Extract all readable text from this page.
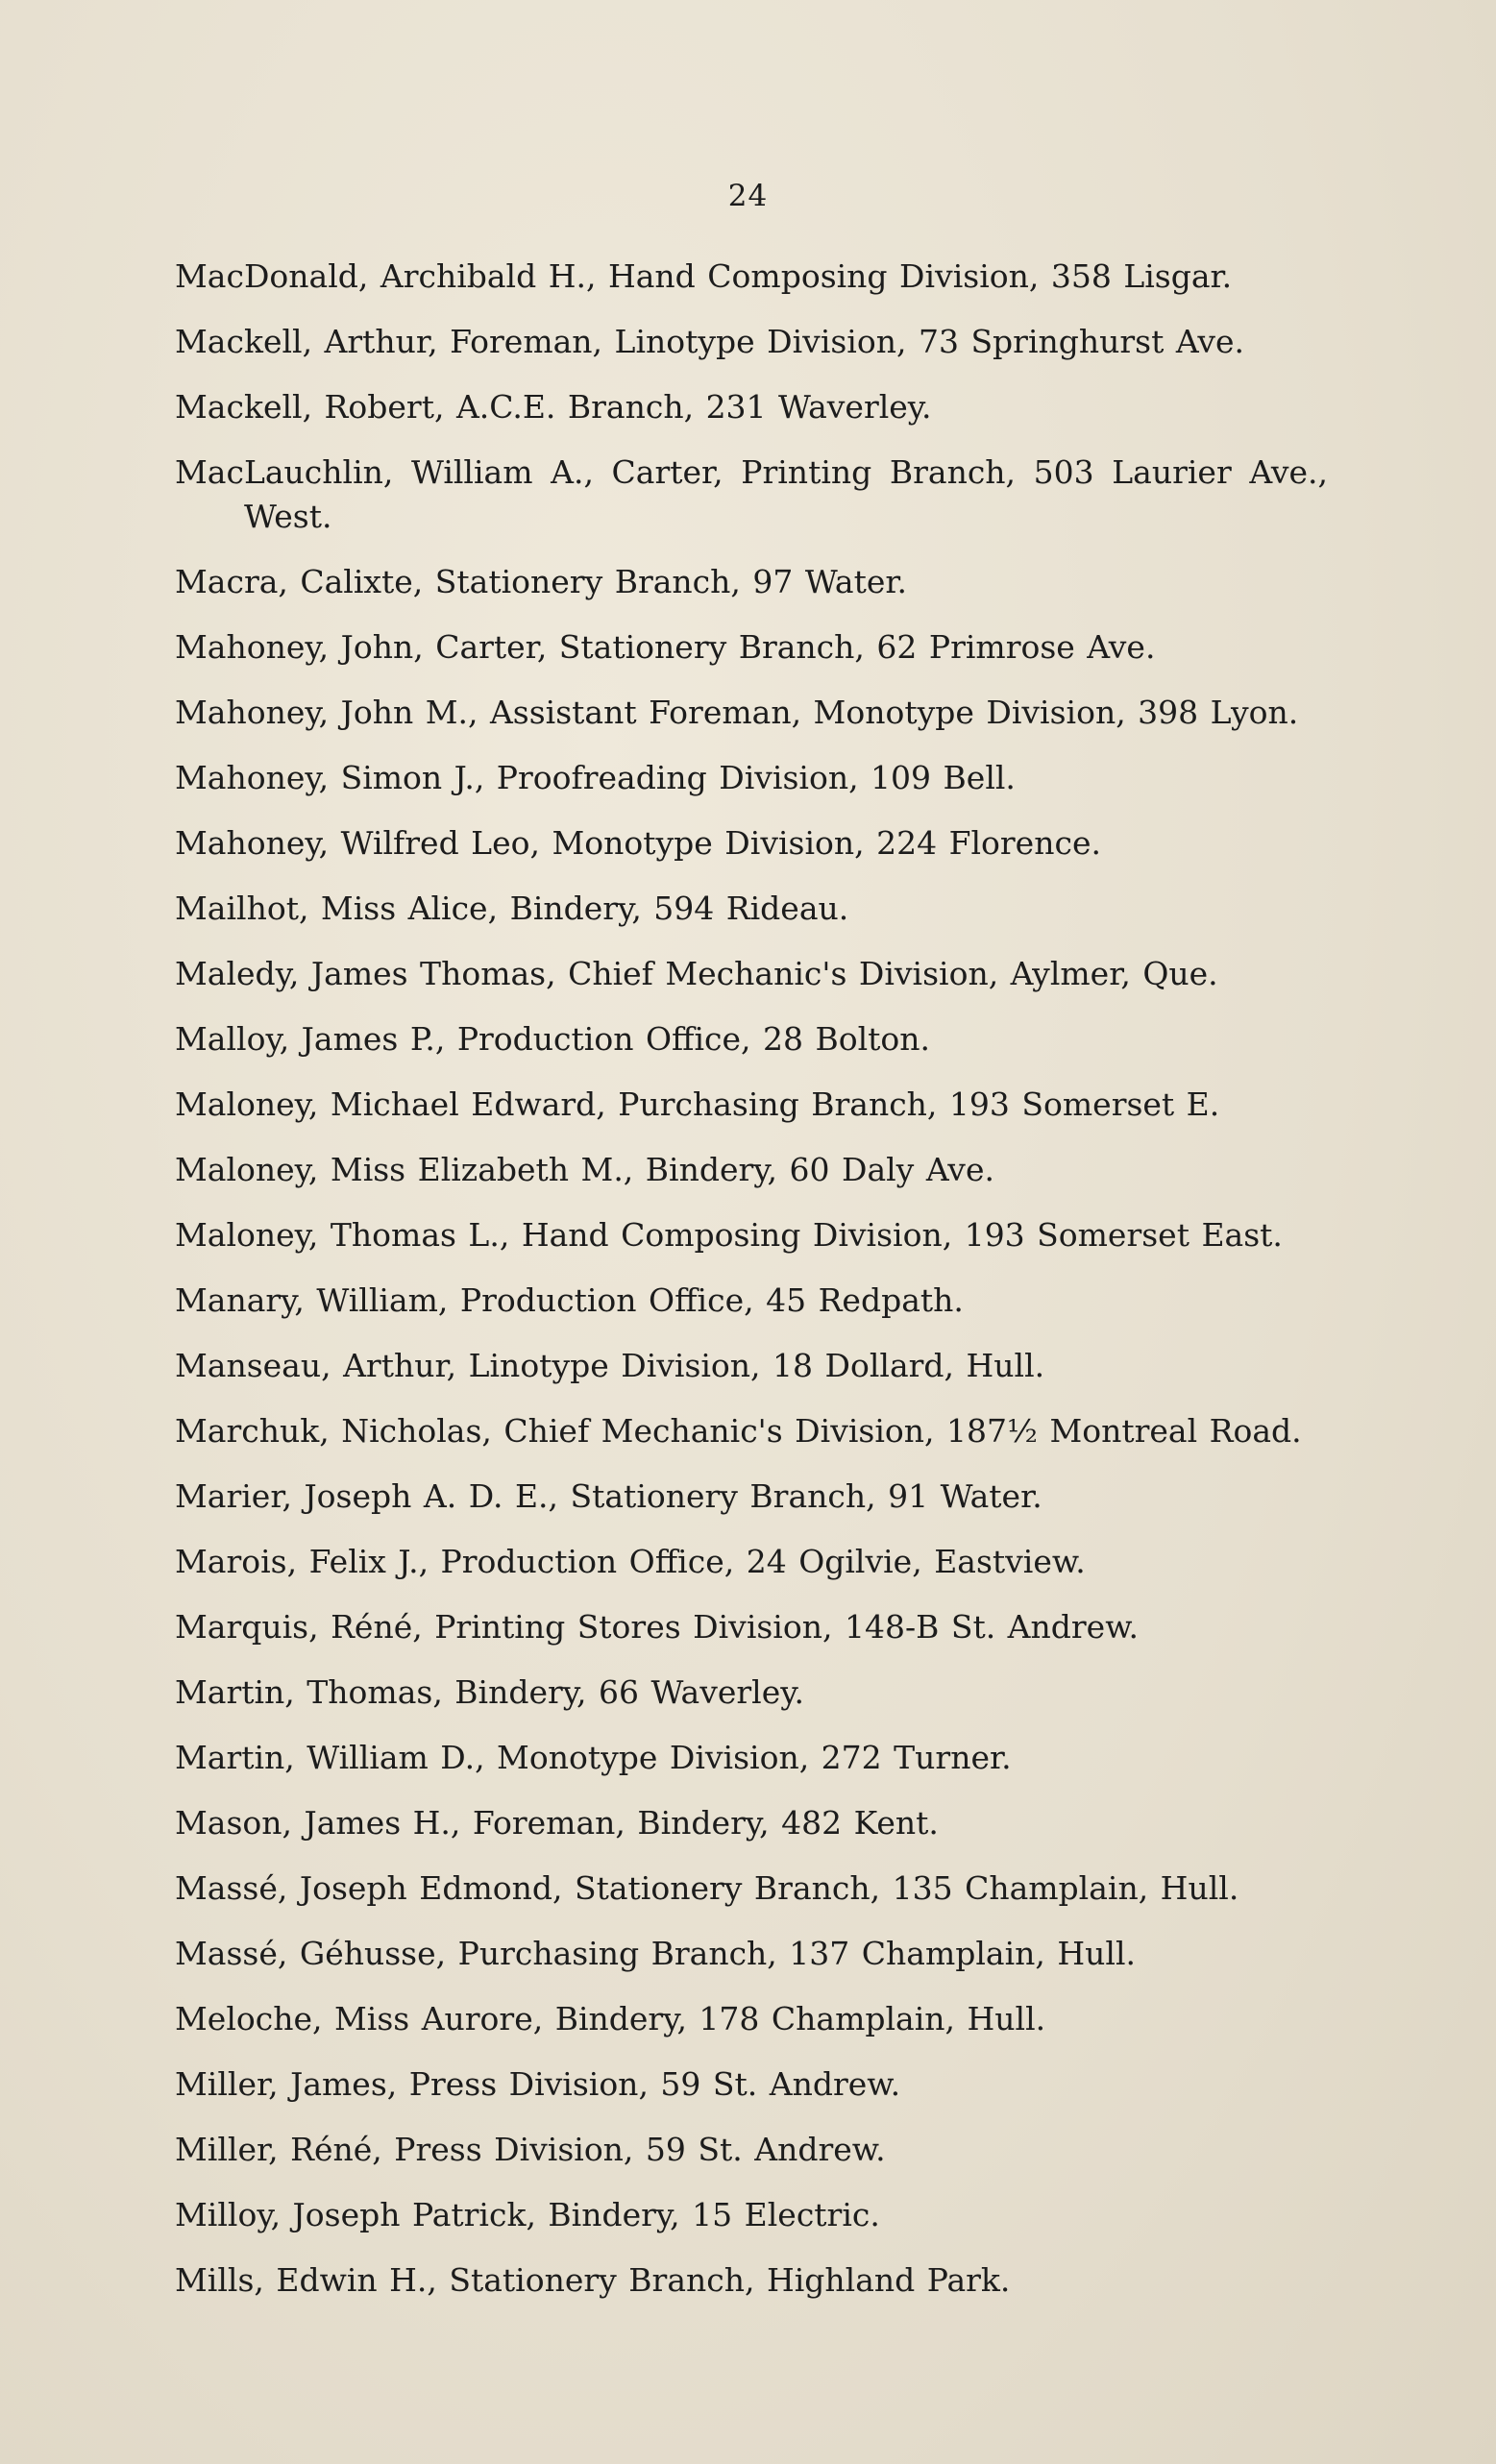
24
MacDonald, Archibald H., Hand Composing Division, 358 Lisgar.
Mackell, Arthur, Foreman, Linotype Division, 73 Springhurst Ave.
Mackell, Robert, A.C.E. Branch, 231 Waverley.
MacLauchlin, William A., Carter, Printing Branch, 503 Laurier Ave., West.
Macra, Calixte, Stationery Branch, 97 Water.
Mahoney, John, Carter, Stationery Branch, 62 Primrose Ave.
Mahoney, John M., Assistant Foreman, Monotype Division, 398 Lyon.
Mahoney, Simon J., Proofreading Division, 109 Bell.
Mahoney, Wilfred Leo, Monotype Division, 224 Florence.
Mailhot, Miss Alice, Bindery, 594 Rideau.
Maledy, James Thomas, Chief Mechanic's Division, Aylmer, Que.
Malloy, James P., Production Office, 28 Bolton.
Maloney, Michael Edward, Purchasing Branch, 193 Somerset E.
Maloney, Miss Elizabeth M., Bindery, 60 Daly Ave.
Maloney, Thomas L., Hand Composing Division, 193 Somerset East.
Manary, William, Production Office, 45 Redpath.
Manseau, Arthur, Linotype Division, 18 Dollard, Hull.
Marchuk, Nicholas, Chief Mechanic's Division, 187½ Montreal Road.
Marier, Joseph A. D. E., Stationery Branch, 91 Water.
Marois, Felix J., Production Office, 24 Ogilvie, Eastview.
Marquis, Réné, Printing Stores Division, 148-B St. Andrew.
Martin, Thomas, Bindery, 66 Waverley.
Martin, William D., Monotype Division, 272 Turner.
Mason, James H., Foreman, Bindery, 482 Kent.
Massé, Joseph Edmond, Stationery Branch, 135 Champlain, Hull.
Massé, Géhusse, Purchasing Branch, 137 Champlain, Hull.
Meloche, Miss Aurore, Bindery, 178 Champlain, Hull.
Miller, James, Press Division, 59 St. Andrew.
Miller, Réné, Press Division, 59 St. Andrew.
Milloy, Joseph Patrick, Bindery, 15 Electric.
Mills, Edwin H., Stationery Branch, Highland Park.
